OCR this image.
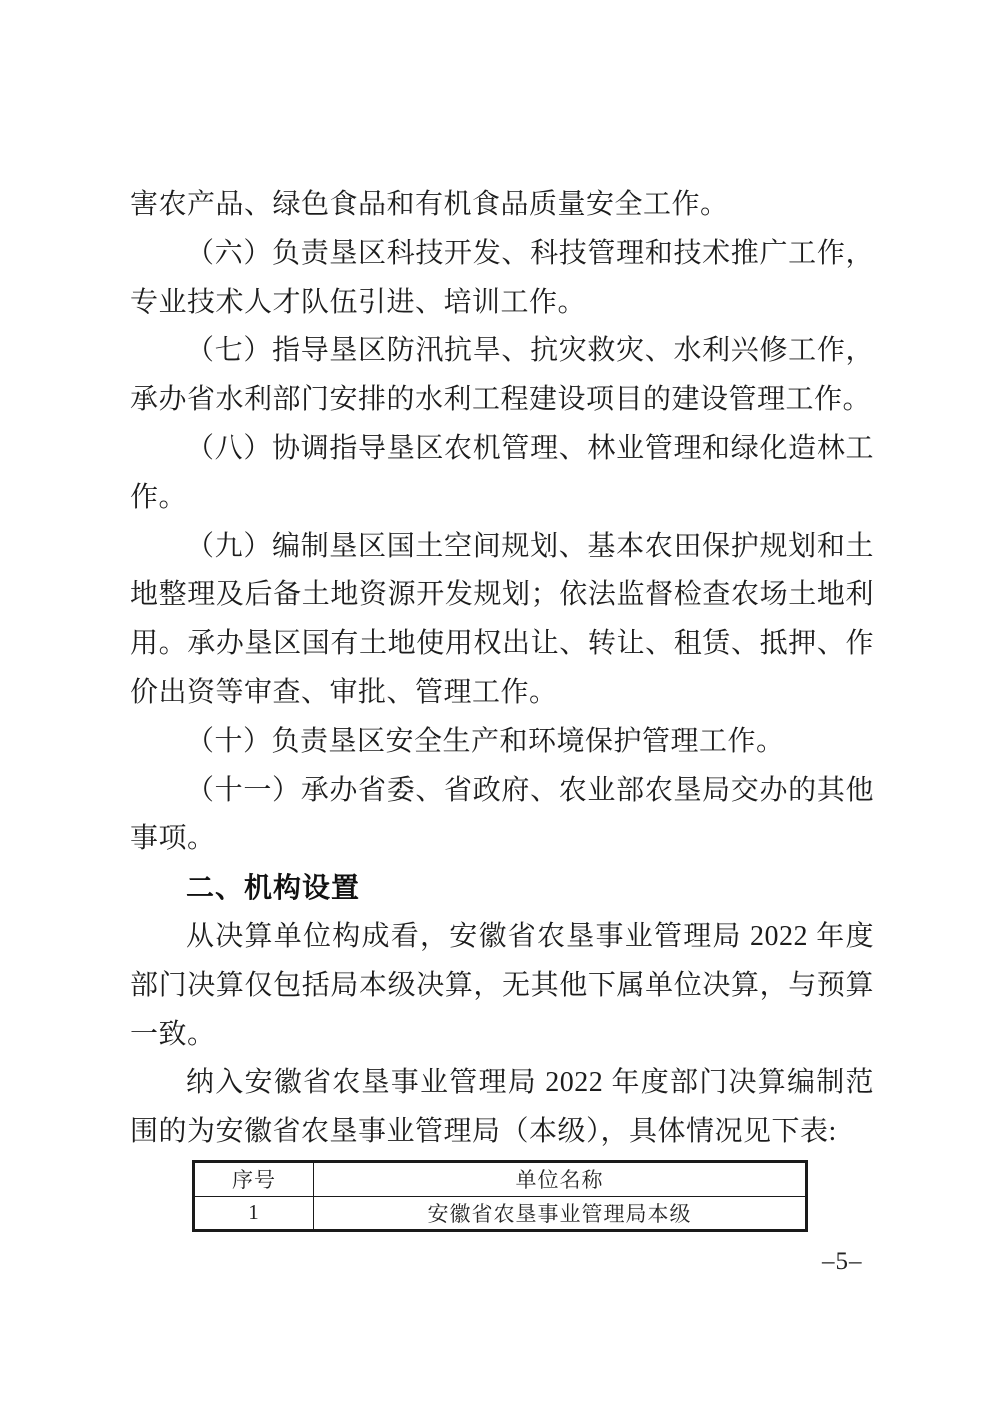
害农产品、绿色食品和有机食品质量安全工作。

（六）负责垦区科技开发、科技管理和技术推广工作，专业技术人才队伍引进、培训工作。

（七）指导垦区防汛抗旱、抗灾救灾、水利兴修工作，承办省水利部门安排的水利工程建设项目的建设管理工作。

（八）协调指导垦区农机管理、林业管理和绿化造林工作。

（九）编制垦区国土空间规划、基本农田保护规划和土地整理及后备土地资源开发规划；依法监督检查农场土地利用。承办垦区国有土地使用权出让、转让、租赁、抵押、作价出资等审查、审批、管理工作。

（十）负责垦区安全生产和环境保护管理工作。

（十一）承办省委、省政府、农业部农垦局交办的其他事项。

二、机构设置

从决算单位构成看，安徽省农垦事业管理局 2022 年度部门决算仅包括局本级决算，无其他下属单位决算，与预算一致。

纳入安徽省农垦事业管理局 2022 年度部门决算编制范围的为安徽省农垦事业管理局（本级），具体情况见下表:

序号	单位名称
1	安徽省农垦事业管理局本级
–5–
